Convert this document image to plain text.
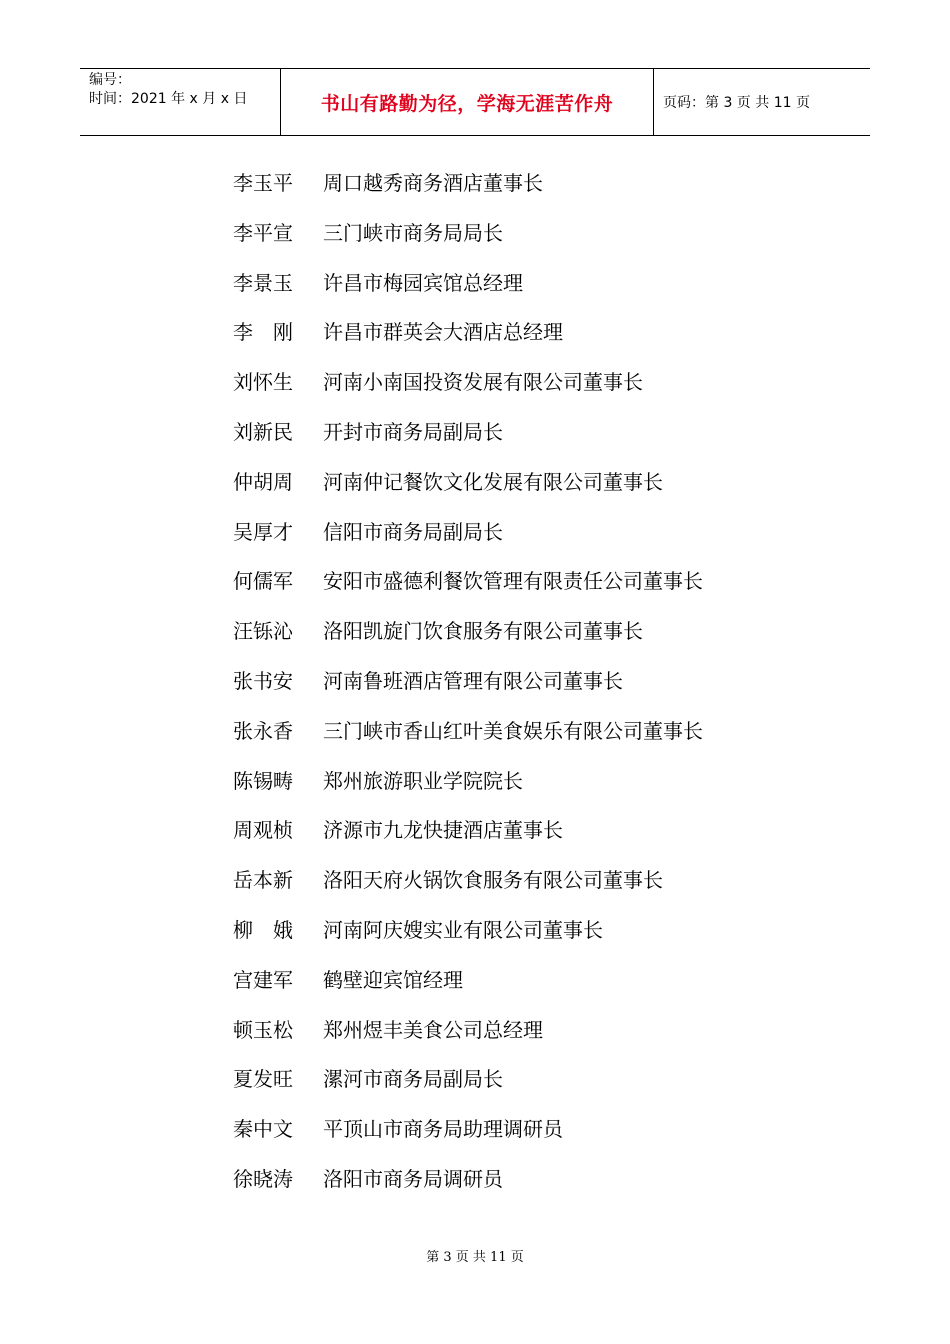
编号：
时间：2021 年 x 月 x 日	书山有路勤为径，学海无涯苦作舟	页码：第 3 页 共 11 页
李玉平	周口越秀商务酒店董事长
李平宣	三门峡市商务局局长
李景玉	许昌市梅园宾馆总经理
李　刚	许昌市群英会大酒店总经理
刘怀生	河南小南国投资发展有限公司董事长
刘新民	开封市商务局副局长
仲胡周	河南仲记餐饮文化发展有限公司董事长
吴厚才	信阳市商务局副局长
何儒军	安阳市盛德利餐饮管理有限责任公司董事长
汪铄沁	洛阳凯旋门饮食服务有限公司董事长
张书安	河南鲁班酒店管理有限公司董事长
张永香	三门峡市香山红叶美食娱乐有限公司董事长
陈锡畴	郑州旅游职业学院院长
周观桢	济源市九龙快捷酒店董事长
岳本新	洛阳天府火锅饮食服务有限公司董事长
柳　娥	河南阿庆嫂实业有限公司董事长
宫建军	鹤壁迎宾馆经理
顿玉松	郑州煜丰美食公司总经理
夏发旺	漯河市商务局副局长
秦中文	平顶山市商务局助理调研员
徐晓涛	洛阳市商务局调研员
第 3 页 共 11 页
